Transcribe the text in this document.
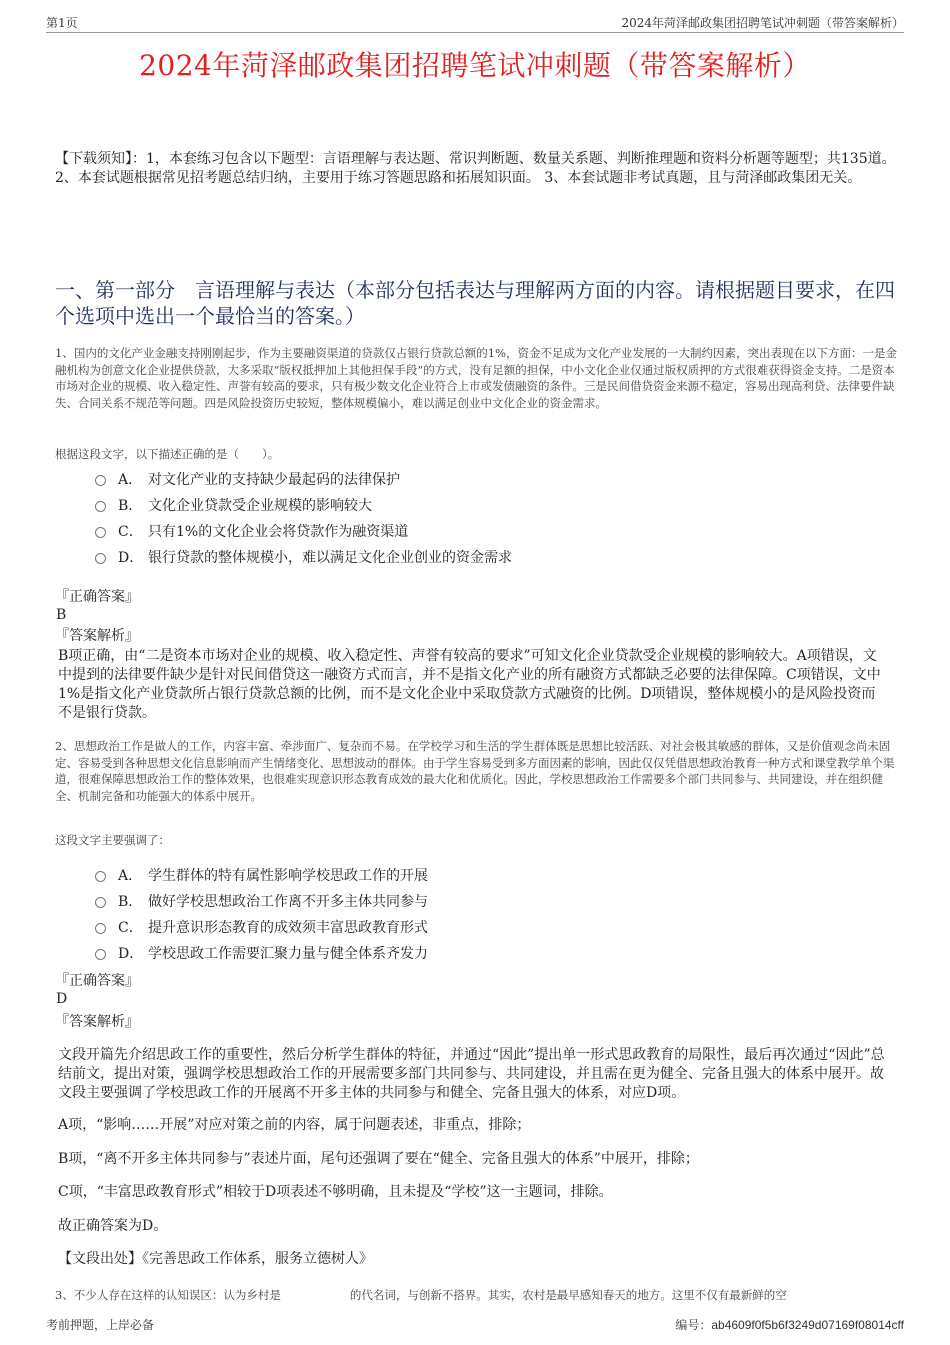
第1页	2024年菏泽邮政集团招聘笔试冲刺题（带答案解析）
2024年菏泽邮政集团招聘笔试冲刺题（带答案解析）
【下载须知】：1，本套练习包含以下题型：言语理解与表达题、常识判断题、数量关系题、判断推理题和资料分析题等题型；共135道。 2、本套试题根据常见招考题总结归纳，主要用于练习答题思路和拓展知识面。 3、本套试题非考试真题，且与菏泽邮政集团无关。
一、第一部分　言语理解与表达（本部分包括表达与理解两方面的内容。请根据题目要求，在四个选项中选出一个最恰当的答案。）
1、国内的文化产业金融支持刚刚起步，作为主要融资渠道的贷款仅占银行贷款总额的1%，资金不足成为文化产业发展的一大制约因素，突出表现在以下方面：一是金融机构为创意文化企业提供贷款，大多采取“版权抵押加上其他担保手段”的方式，没有足额的担保，中小文化企业仅通过版权质押的方式很难获得资金支持。二是资本市场对企业的规模、收入稳定性、声誉有较高的要求，只有极少数文化企业符合上市或发债融资的条件。三是民间借贷资金来源不稳定，容易出现高利贷、法律要件缺失、合同关系不规范等问题。四是风险投资历史较短，整体规模偏小，难以满足创业中文化企业的资金需求。
根据这段文字，以下描述正确的是（　　）。
A． 对文化产业的支持缺少最起码的法律保护
B． 文化企业贷款受企业规模的影响较大
C． 只有1%的文化企业会将贷款作为融资渠道
D． 银行贷款的整体规模小，难以满足文化企业创业的资金需求
『正确答案』
B
『答案解析』
B项正确，由“二是资本市场对企业的规模、收入稳定性、声誉有较高的要求”可知文化企业贷款受企业规模的影响较大。A项错误，文中提到的法律要件缺少是针对民间借贷这一融资方式而言，并不是指文化产业的所有融资方式都缺乏必要的法律保障。C项错误，文中1%是指文化产业贷款所占银行贷款总额的比例，而不是文化企业中采取贷款方式融资的比例。D项错误，整体规模小的是风险投资而不是银行贷款。
2、思想政治工作是做人的工作，内容丰富、牵涉面广、复杂而不易。在学校学习和生活的学生群体既是思想比较活跃、对社会极其敏感的群体，又是价值观念尚未固定、容易受到各种思想文化信息影响而产生情绪变化、思想波动的群体。由于学生容易受到多方面因素的影响，因此仅仅凭借思想政治教育一种方式和课堂教学单个渠道，很难保障思想政治工作的整体效果，也很难实现意识形态教育成效的最大化和优质化。因此，学校思想政治工作需要多个部门共同参与、共同建设，并在组织健全、机制完备和功能强大的体系中展开。
这段文字主要强调了：
A． 学生群体的特有属性影响学校思政工作的开展
B． 做好学校思想政治工作离不开多主体共同参与
C． 提升意识形态教育的成效须丰富思政教育形式
D． 学校思政工作需要汇聚力量与健全体系齐发力
『正确答案』
D
『答案解析』
文段开篇先介绍思政工作的重要性，然后分析学生群体的特征，并通过“因此”提出单一形式思政教育的局限性，最后再次通过“因此”总结前文，提出对策，强调学校思想政治工作的开展需要多部门共同参与、共同建设，并且需在更为健全、完备且强大的体系中展开。故文段主要强调了学校思政工作的开展离不开多主体的共同参与和健全、完备且强大的体系，对应D项。
A项，“影响……开展”对应对策之前的内容，属于问题表述，非重点，排除；
B项，“离不开多主体共同参与”表述片面，尾句还强调了要在“健全、完备且强大的体系”中展开，排除；
C项，“丰富思政教育形式”相较于D项表述不够明确，且未提及“学校”这一主题词，排除。
故正确答案为D。
【文段出处】《完善思政工作体系，服务立德树人》
3、不少人存在这样的认知误区：认为乡村是　　　　　　的代名词，与创新不搭界。其实，农村是最早感知春天的地方。这里不仅有最新鲜的空
考前押题，上岸必备	编号：ab4609f0f5b6f3249d07169f08014cff
